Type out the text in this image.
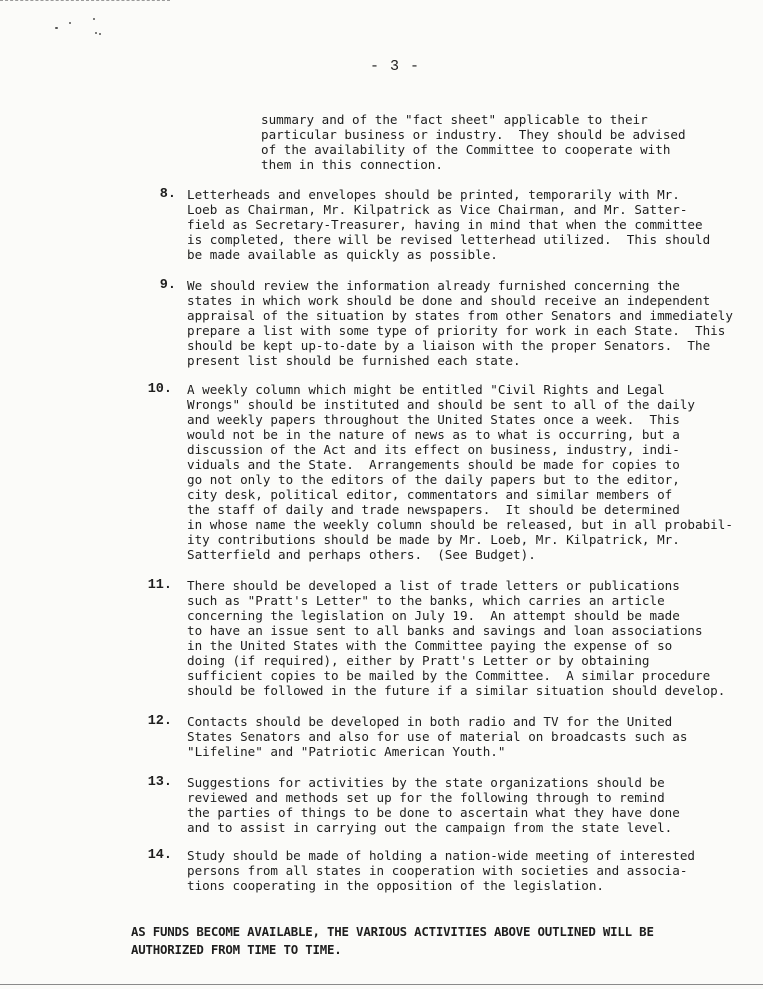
- 3 -
summary and of the "fact sheet" applicable to their
particular business or industry.  They should be advised
of the availability of the Committee to cooperate with
them in this connection.
8. Letterheads and envelopes should be printed, temporarily with Mr.
Loeb as Chairman, Mr. Kilpatrick as Vice Chairman, and Mr. Satter-
field as Secretary-Treasurer, having in mind that when the committee
is completed, there will be revised letterhead utilized.  This should
be made available as quickly as possible.
9. We should review the information already furnished concerning the
states in which work should be done and should receive an independent
appraisal of the situation by states from other Senators and immediately
prepare a list with some type of priority for work in each State.  This
should be kept up-to-date by a liaison with the proper Senators.  The
present list should be furnished each state.
10. A weekly column which might be entitled "Civil Rights and Legal
Wrongs" should be instituted and should be sent to all of the daily
and weekly papers throughout the United States once a week.  This
would not be in the nature of news as to what is occurring, but a
discussion of the Act and its effect on business, industry, indi-
viduals and the State.  Arrangements should be made for copies to
go not only to the editors of the daily papers but to the editor,
city desk, political editor, commentators and similar members of
the staff of daily and trade newspapers.  It should be determined
in whose name the weekly column should be released, but in all probabil-
ity contributions should be made by Mr. Loeb, Mr. Kilpatrick, Mr.
Satterfield and perhaps others.  (See Budget).
11. There should be developed a list of trade letters or publications
such as "Pratt's Letter" to the banks, which carries an article
concerning the legislation on July 19.  An attempt should be made
to have an issue sent to all banks and savings and loan associations
in the United States with the Committee paying the expense of so
doing (if required), either by Pratt's Letter or by obtaining
sufficient copies to be mailed by the Committee.  A similar procedure
should be followed in the future if a similar situation should develop.
12. Contacts should be developed in both radio and TV for the United
States Senators and also for use of material on broadcasts such as
"Lifeline" and "Patriotic American Youth."
13. Suggestions for activities by the state organizations should be
reviewed and methods set up for the following through to remind
the parties of things to be done to ascertain what they have done
and to assist in carrying out the campaign from the state level.
14. Study should be made of holding a nation-wide meeting of interested
persons from all states in cooperation with societies and associa-
tions cooperating in the opposition of the legislation.
AS FUNDS BECOME AVAILABLE, THE VARIOUS ACTIVITIES ABOVE OUTLINED WILL BE
AUTHORIZED FROM TIME TO TIME.
